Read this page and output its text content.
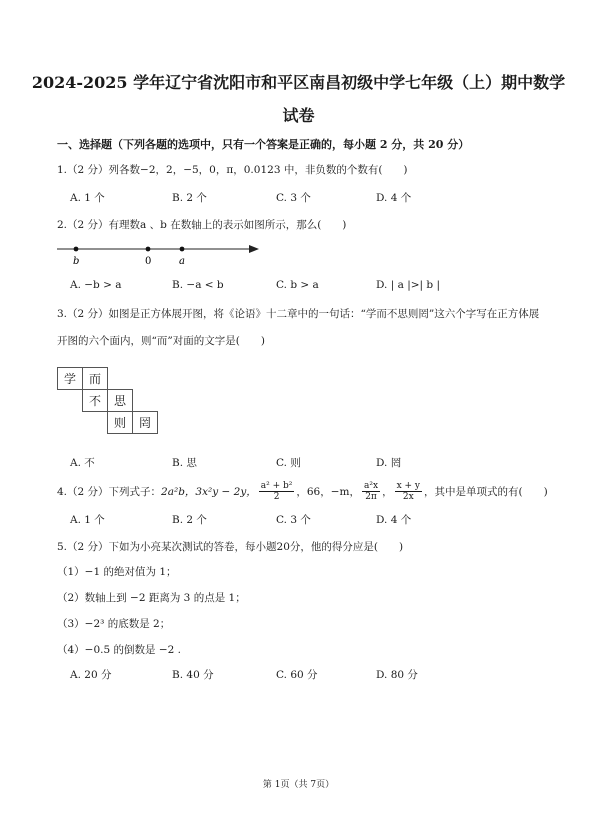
2024-2025 学年辽宁省沈阳市和平区南昌初级中学七年级（上）期中数学
试卷
一、选择题（下列各题的选项中，只有一个答案是正确的，每小题 2 分，共 20 分）
1.（2 分）列各数−2，2，−5，0，π，0.0123 中，非负数的个数有(　　)
A. 1 个	B. 2 个	C. 3 个	D. 4 个
2.（2 分）有理数a 、b 在数轴上的表示如图所示，那么(　　)
b	0	a
A. −b > a	B. −a < b	C. b > a	D. | a |>| b |
3.（2 分）如图是正方体展开图，将《论语》十二章中的一句话：“学而不思则罔”这六个字写在正方体展
开图的六个面内，则“而”对面的文字是(　　)
学	而
不	思
则	罔
A. 不	B. 思	C. 则	D. 罔
4.（2 分）下列式子： 2a²b， 3x²y − 2y， $\frac{\text{a² + b²}}{2}$ ，66，−m， $\frac{\text{a²x}}{2\pi}$ ， $\frac{x + y}{2x}$ ，其中是单项式的有(　　)
A. 1 个	B. 2 个	C. 3 个	D. 4 个
5.（2 分）下如为小亮某次测试的答卷，每小题20分，他的得分应是(　　)
（1）−1 的绝对值为 1；
（2）数轴上到 −2 距离为 3 的点是 1；
（3）−2³ 的底数是 2；
（4）−0.5 的倒数是 −2 .
A. 20 分	B. 40 分	C. 60 分	D. 80 分
第 1页（共 7页）
